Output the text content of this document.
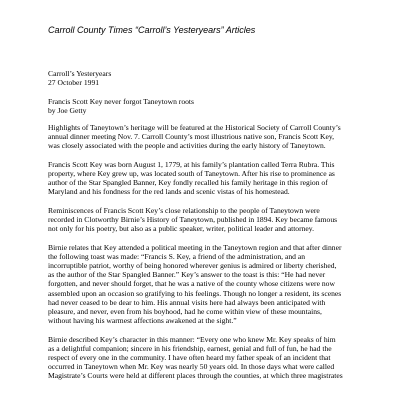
Carroll County Times “Carroll’s Yesteryears” Articles

Carroll’s Yesteryears
27 October 1991

Francis Scott Key never forgot Taneytown roots
by Joe Getty

Highlights of Taneytown’s heritage will be featured at the Historical Society of Carroll County’s
annual dinner meeting Nov. 7. Carroll County’s most illustrious native son, Francis Scott Key,
was closely associated with the people and activities during the early history of Taneytown.

Francis Scott Key was born August 1, 1779, at his family’s plantation called Terra Rubra. This
property, where Key grew up, was located south of Taneytown. After his rise to prominence as
author of the Star Spangled Banner, Key fondly recalled his family heritage in this region of
Maryland and his fondness for the red lands and scenic vistas of his homestead.

Reminiscences of Francis Scott Key’s close relationship to the people of Taneytown were
recorded in Clotworthy Birnie’s History of Taneytown, published in 1894. Key became famous
not only for his poetry, but also as a public speaker, writer, political leader and attorney.

Birnie relates that Key attended a political meeting in the Taneytown region and that after dinner
the following toast was made: “Francis S. Key, a friend of the administration, and an
incorruptible patriot, worthy of being honored wherever genius is admired or liberty cherished,
as the author of the Star Spangled Banner.” Key’s answer to the toast is this: “He had never
forgotten, and never should forget, that he was a native of the county whose citizens were now
assembled upon an occasion so gratifying to his feelings. Though no longer a resident, its scenes
had never ceased to be dear to him. His annual visits here had always been anticipated with
pleasure, and never, even from his boyhood, had he come within view of these mountains,
without having his warmest affections awakened at the sight.”

Birnie described Key’s character in this manner: “Every one who knew Mr. Key speaks of him
as a delightful companion; sincere in his friendship, earnest, genial and full of fun, he had the
respect of every one in the community. I have often heard my father speak of an incident that
occurred in Taneytown when Mr. Key was nearly 50 years old. In those days what were called
Magistrate’s Courts were held at different places through the counties, at which three magistrates
